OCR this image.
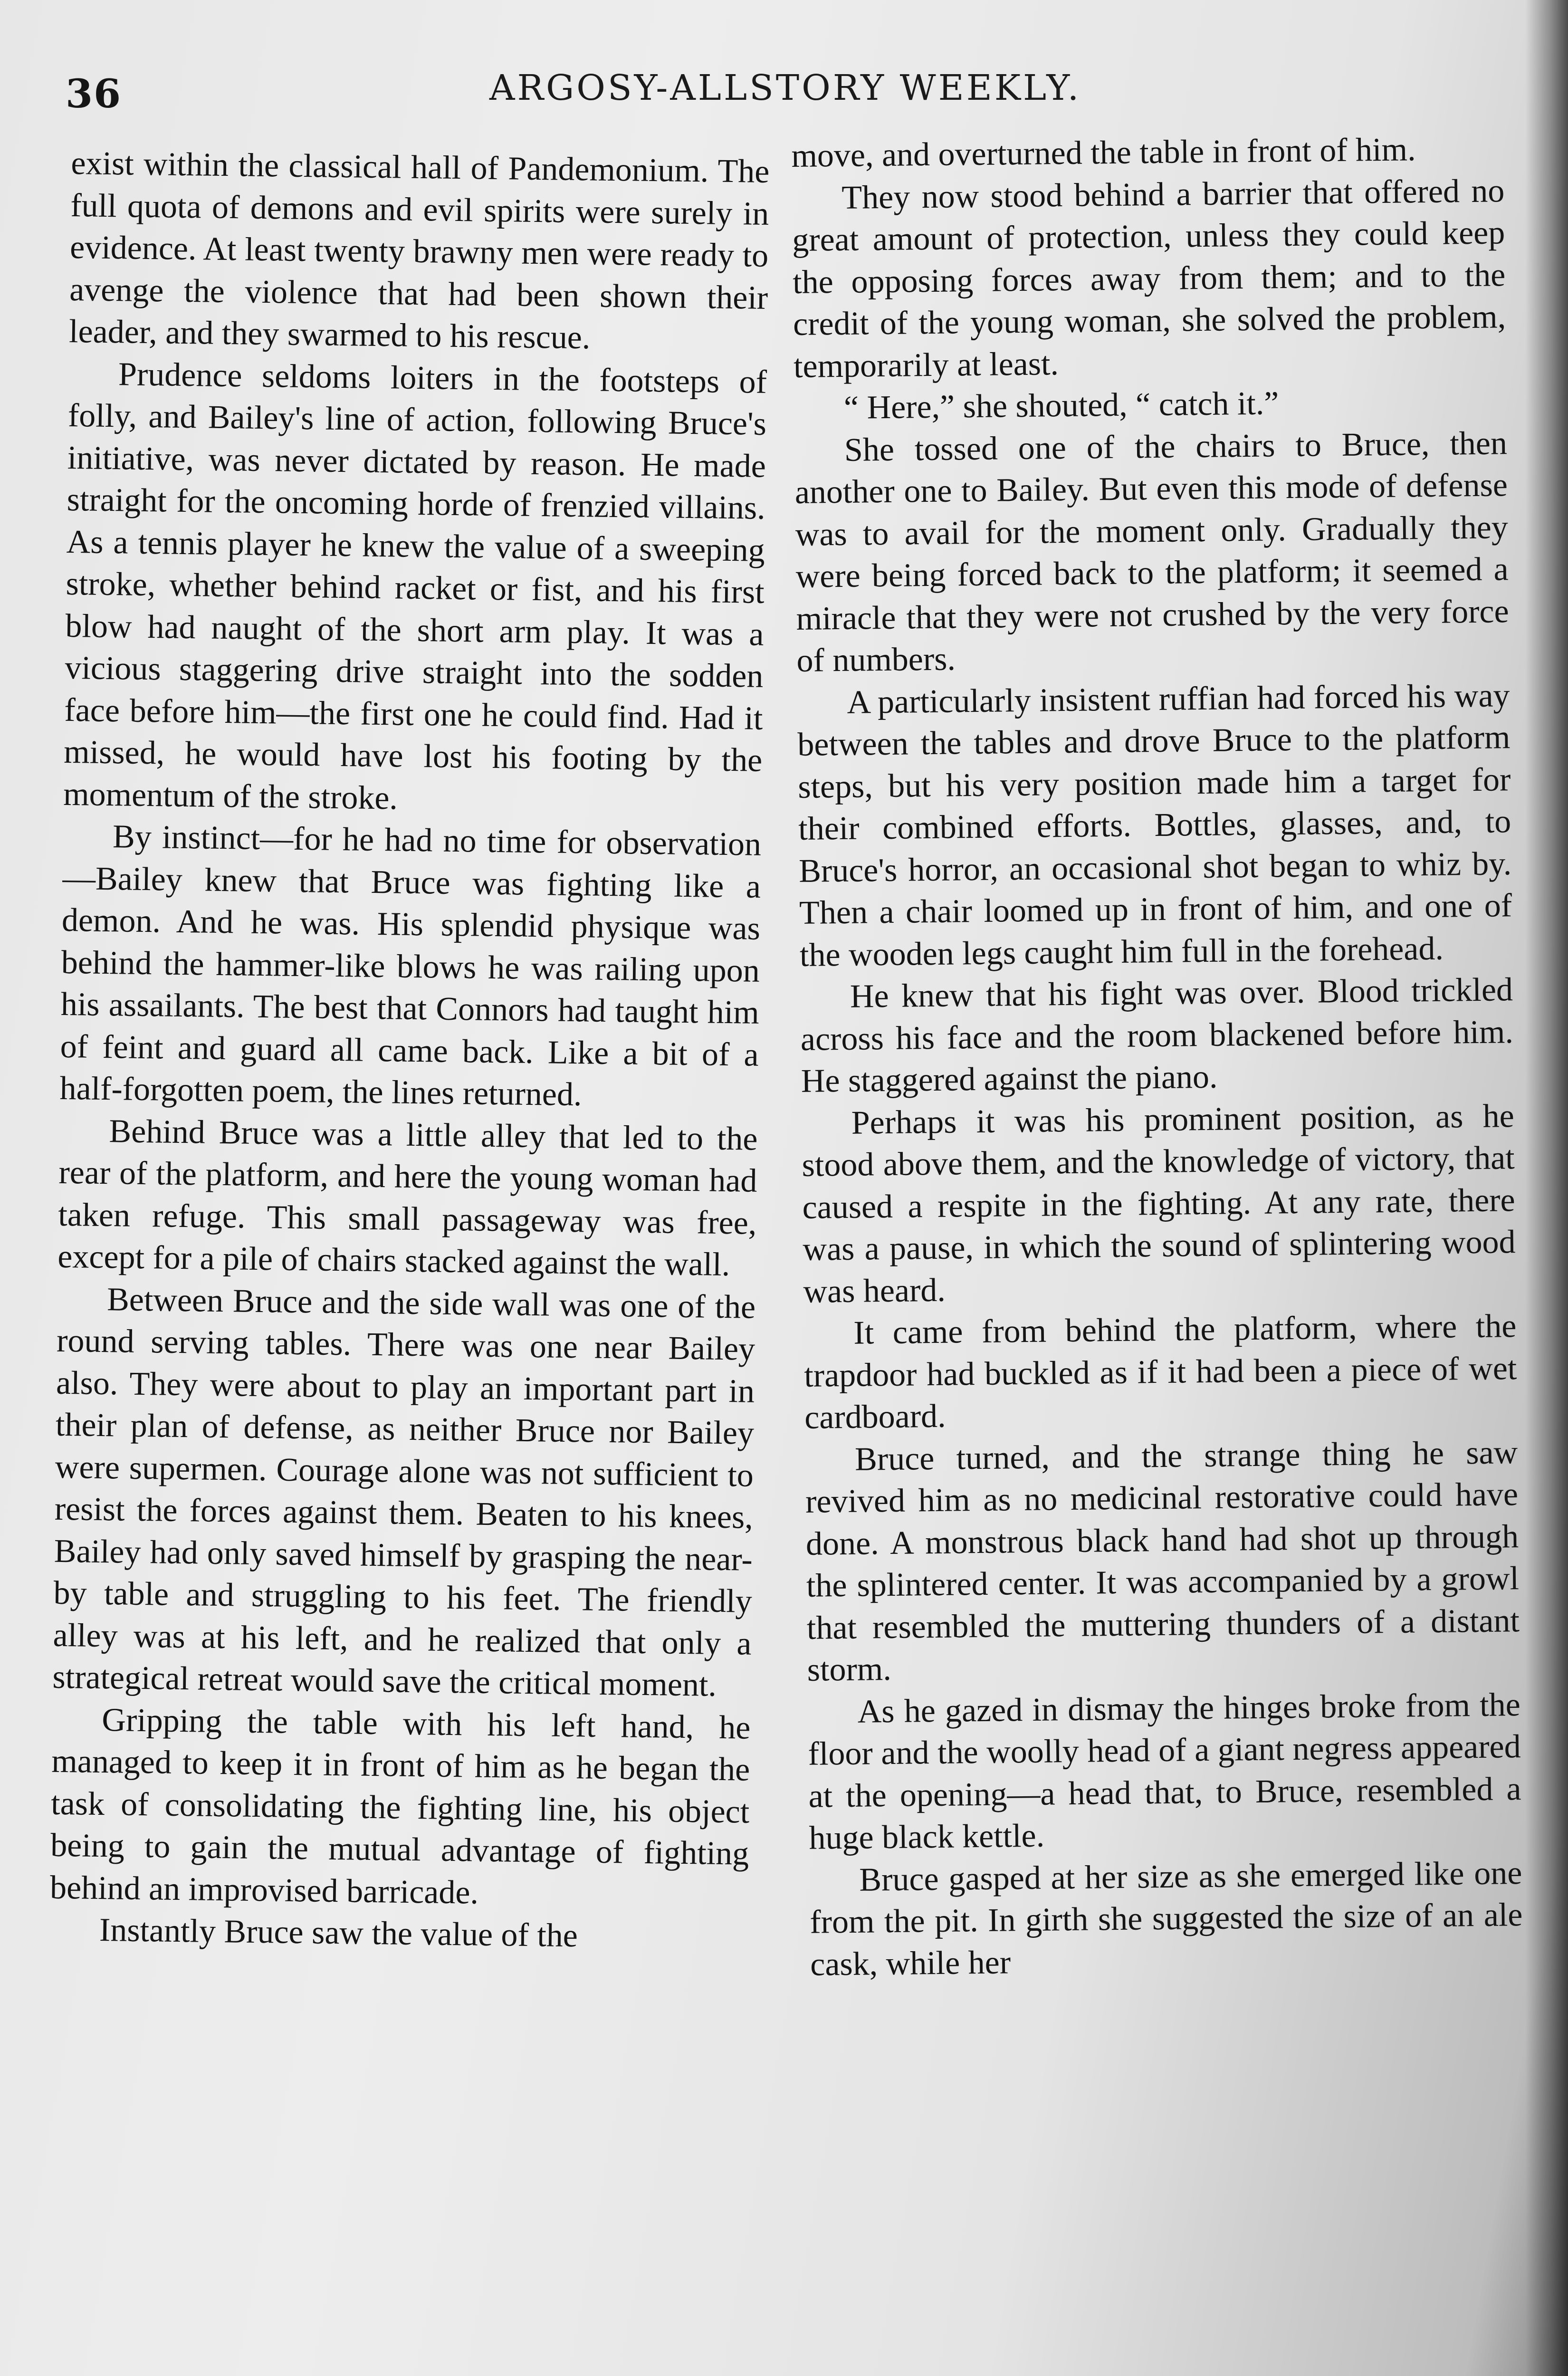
36	ARGOSY-ALLSTORY WEEKLY.

exist within the classical hall of Pandemonium. The full quota of demons and evil spirits were surely in evidence. At least twenty brawny men were ready to avenge the violence that had been shown their leader, and they swarmed to his rescue.

Prudence seldoms loiters in the footsteps of folly, and Bailey's line of action, following Bruce's initiative, was never dictated by reason. He made straight for the oncoming horde of frenzied villains. As a tennis player he knew the value of a sweeping stroke, whether behind racket or fist, and his first blow had naught of the short arm play. It was a vicious staggering drive straight into the sodden face before him—the first one he could find. Had it missed, he would have lost his footing by the momentum of the stroke.

By instinct—for he had no time for observation—Bailey knew that Bruce was fighting like a demon. And he was. His splendid physique was behind the hammer-like blows he was railing upon his assailants. The best that Connors had taught him of feint and guard all came back. Like a bit of a half-forgotten poem, the lines returned.

Behind Bruce was a little alley that led to the rear of the platform, and here the young woman had taken refuge. This small passageway was free, except for a pile of chairs stacked against the wall.

Between Bruce and the side wall was one of the round serving tables. There was one near Bailey also. They were about to play an important part in their plan of defense, as neither Bruce nor Bailey were supermen. Courage alone was not sufficient to resist the forces against them. Beaten to his knees, Bailey had only saved himself by grasping the near-by table and struggling to his feet. The friendly alley was at his left, and he realized that only a strategical retreat would save the critical moment.

Gripping the table with his left hand, he managed to keep it in front of him as he began the task of consolidating the fighting line, his object being to gain the mutual advantage of fighting behind an improvised barricade.

Instantly Bruce saw the value of the

move, and overturned the table in front of him.

They now stood behind a barrier that offered no great amount of protection, unless they could keep the opposing forces away from them; and to the credit of the young woman, she solved the problem, temporarily at least.

“ Here,” she shouted, “ catch it.”

She tossed one of the chairs to Bruce, then another one to Bailey. But even this mode of defense was to avail for the moment only. Gradually they were being forced back to the platform; it seemed a miracle that they were not crushed by the very force of numbers.

A particularly insistent ruffian had forced his way between the tables and drove Bruce to the platform steps, but his very position made him a target for their combined efforts. Bottles, glasses, and, to Bruce's horror, an occasional shot began to whiz by. Then a chair loomed up in front of him, and one of the wooden legs caught him full in the forehead.

He knew that his fight was over. Blood trickled across his face and the room blackened before him. He staggered against the piano.

Perhaps it was his prominent position, as he stood above them, and the knowledge of victory, that caused a respite in the fighting. At any rate, there was a pause, in which the sound of splintering wood was heard.

It came from behind the platform, where the trapdoor had buckled as if it had been a piece of wet cardboard.

Bruce turned, and the strange thing he saw revived him as no medicinal restorative could have done. A monstrous black hand had shot up through the splintered center. It was accompanied by a growl that resembled the muttering thunders of a distant storm.

As he gazed in dismay the hinges broke from the floor and the woolly head of a giant negress appeared at the opening—a head that, to Bruce, resembled a huge black kettle.

Bruce gasped at her size as she emerged like one from the pit. In girth she suggested the size of an ale cask, while her
